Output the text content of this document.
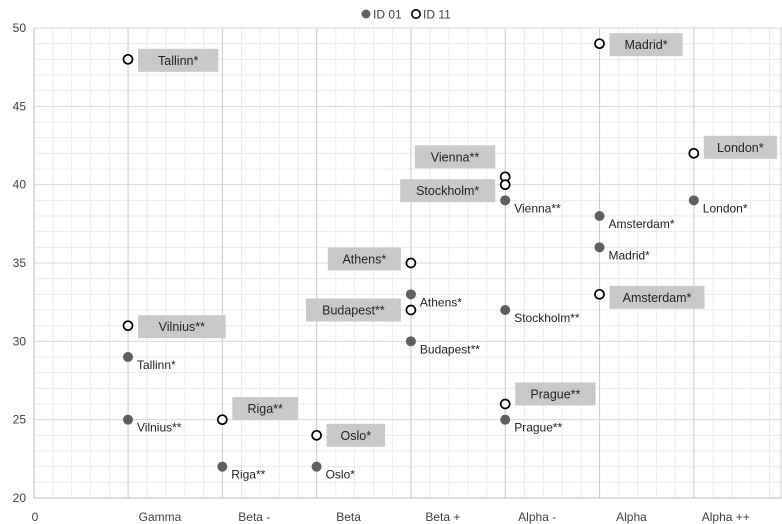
20
25
30
35
40
45
50
0	Gamma	Beta -	Beta	Beta +	Alpha -	Alpha	Alpha ++
ID 01 ID 11
Tallinn*
Vilnius**
Riga**
Oslo*
Athens*
Budapest**
Vienna**
Stockholm*
Prague**
Madrid*
Amsterdam*
London*
Tallinn*
Vilnius**
Riga**	Oslo*
Athens*
Budapest**
Vienna**
Stockholm**
Prague**
Amsterdam*
Madrid*
London*
